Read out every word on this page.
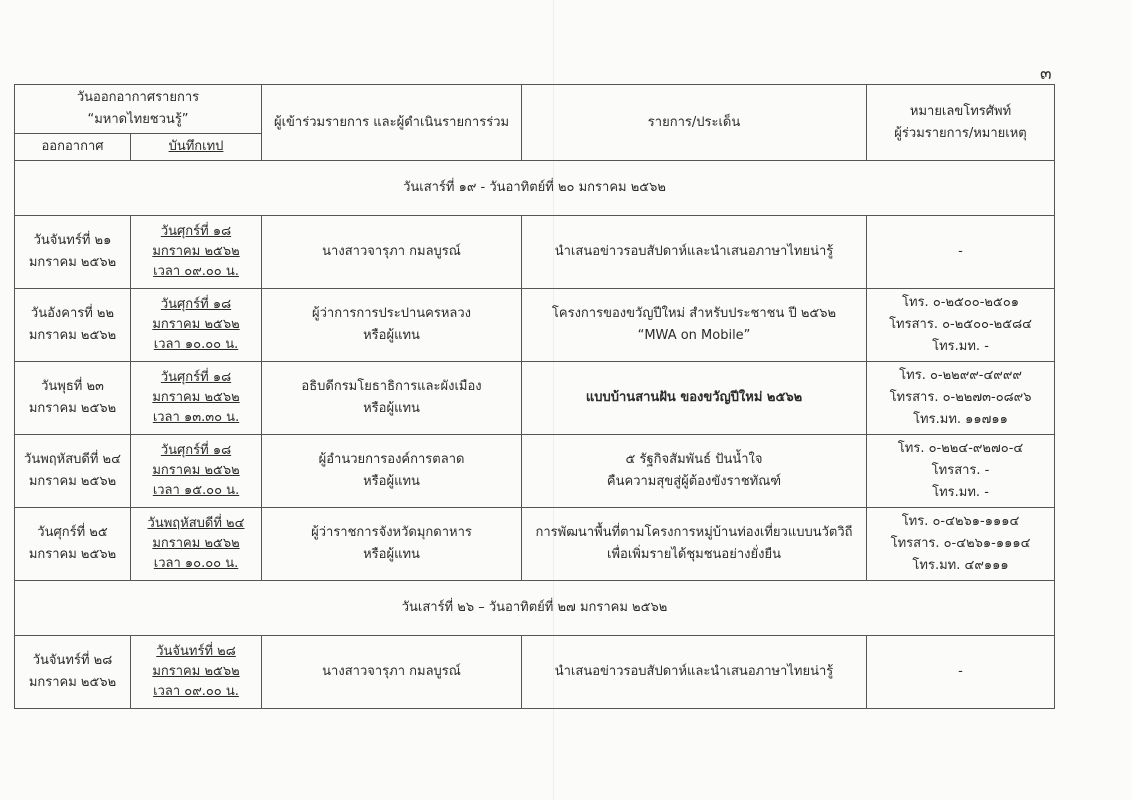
๓
วันออกอากาศรายการ
“มหาดไทยชวนรู้”		ผู้เข้าร่วมรายการ และผู้ดำเนินรายการร่วม	รายการ/ประเด็น	หมายเลขโทรศัพท์
ผู้ร่วมรายการ/หมายเหตุ

ออกอากาศ	บันทึกเทป			

วันเสาร์ที่ ๑๙ - วันอาทิตย์ที่ ๒๐ มกราคม ๒๕๖๒				

วันจันทร์ที่ ๒๑
มกราคม ๒๕๖๒	วันศุกร์ที่ ๑๘
มกราคม ๒๕๖๒
เวลา ๐๙.๐๐ น.	นางสาวจารุภา กมลบูรณ์	นำเสนอข่าวรอบสัปดาห์และนำเสนอภาษาไทยน่ารู้	-

วันอังคารที่ ๒๒
มกราคม ๒๕๖๒	วันศุกร์ที่ ๑๘
มกราคม ๒๕๖๒
เวลา ๑๐.๐๐ น.	ผู้ว่าการการประปานครหลวง
หรือผู้แทน	โครงการของขวัญปีใหม่ สำหรับประชาชน ปี ๒๕๖๒
“MWA on Mobile”	โทร. ๐-๒๕๐๐-๒๕๐๑
โทรสาร. ๐-๒๕๐๐-๒๕๘๔
โทร.มท. -

วันพุธที่ ๒๓
มกราคม ๒๕๖๒	วันศุกร์ที่ ๑๘
มกราคม ๒๕๖๒
เวลา ๑๓.๓๐ น.	อธิบดีกรมโยธาธิการและผังเมือง
หรือผู้แทน	แบบบ้านสานฝัน ของขวัญปีใหม่ ๒๕๖๒	โทร. ๐-๒๒๙๙-๔๙๙๙
โทรสาร. ๐-๒๒๗๓-๐๘๙๖
โทร.มท. ๑๑๗๑๑

วันพฤหัสบดีที่ ๒๔
มกราคม ๒๕๖๒	วันศุกร์ที่ ๑๘
มกราคม ๒๕๖๒
เวลา ๑๕.๐๐ น.	ผู้อำนวยการองค์การตลาด
หรือผู้แทน	๕ รัฐกิจสัมพันธ์ ปันน้ำใจ
คืนความสุขสู่ผู้ต้องขังราชทัณฑ์	โทร. ๐-๒๒๔-๙๒๗๐-๔
โทรสาร. -
โทร.มท. -

วันศุกร์ที่ ๒๕
มกราคม ๒๕๖๒	วันพฤหัสบดีที่ ๒๔
มกราคม ๒๕๖๒
เวลา ๑๐.๐๐ น.	ผู้ว่าราชการจังหวัดมุกดาหาร
หรือผู้แทน	การพัฒนาพื้นที่ตามโครงการหมู่บ้านท่องเที่ยวแบบนวัตวิถี
เพื่อเพิ่มรายได้ชุมชนอย่างยั่งยืน	โทร. ๐-๔๒๖๑-๑๑๑๔
โทรสาร. ๐-๔๒๖๑-๑๑๑๔
โทร.มท. ๔๙๑๑๑

วันเสาร์ที่ ๒๖ – วันอาทิตย์ที่ ๒๗ มกราคม ๒๕๖๒				

วันจันทร์ที่ ๒๘
มกราคม ๒๕๖๒	วันจันทร์ที่ ๒๘
มกราคม ๒๕๖๒
เวลา ๐๙.๐๐ น.	นางสาวจารุภา กมลบูรณ์	นำเสนอข่าวรอบสัปดาห์และนำเสนอภาษาไทยน่ารู้	-
